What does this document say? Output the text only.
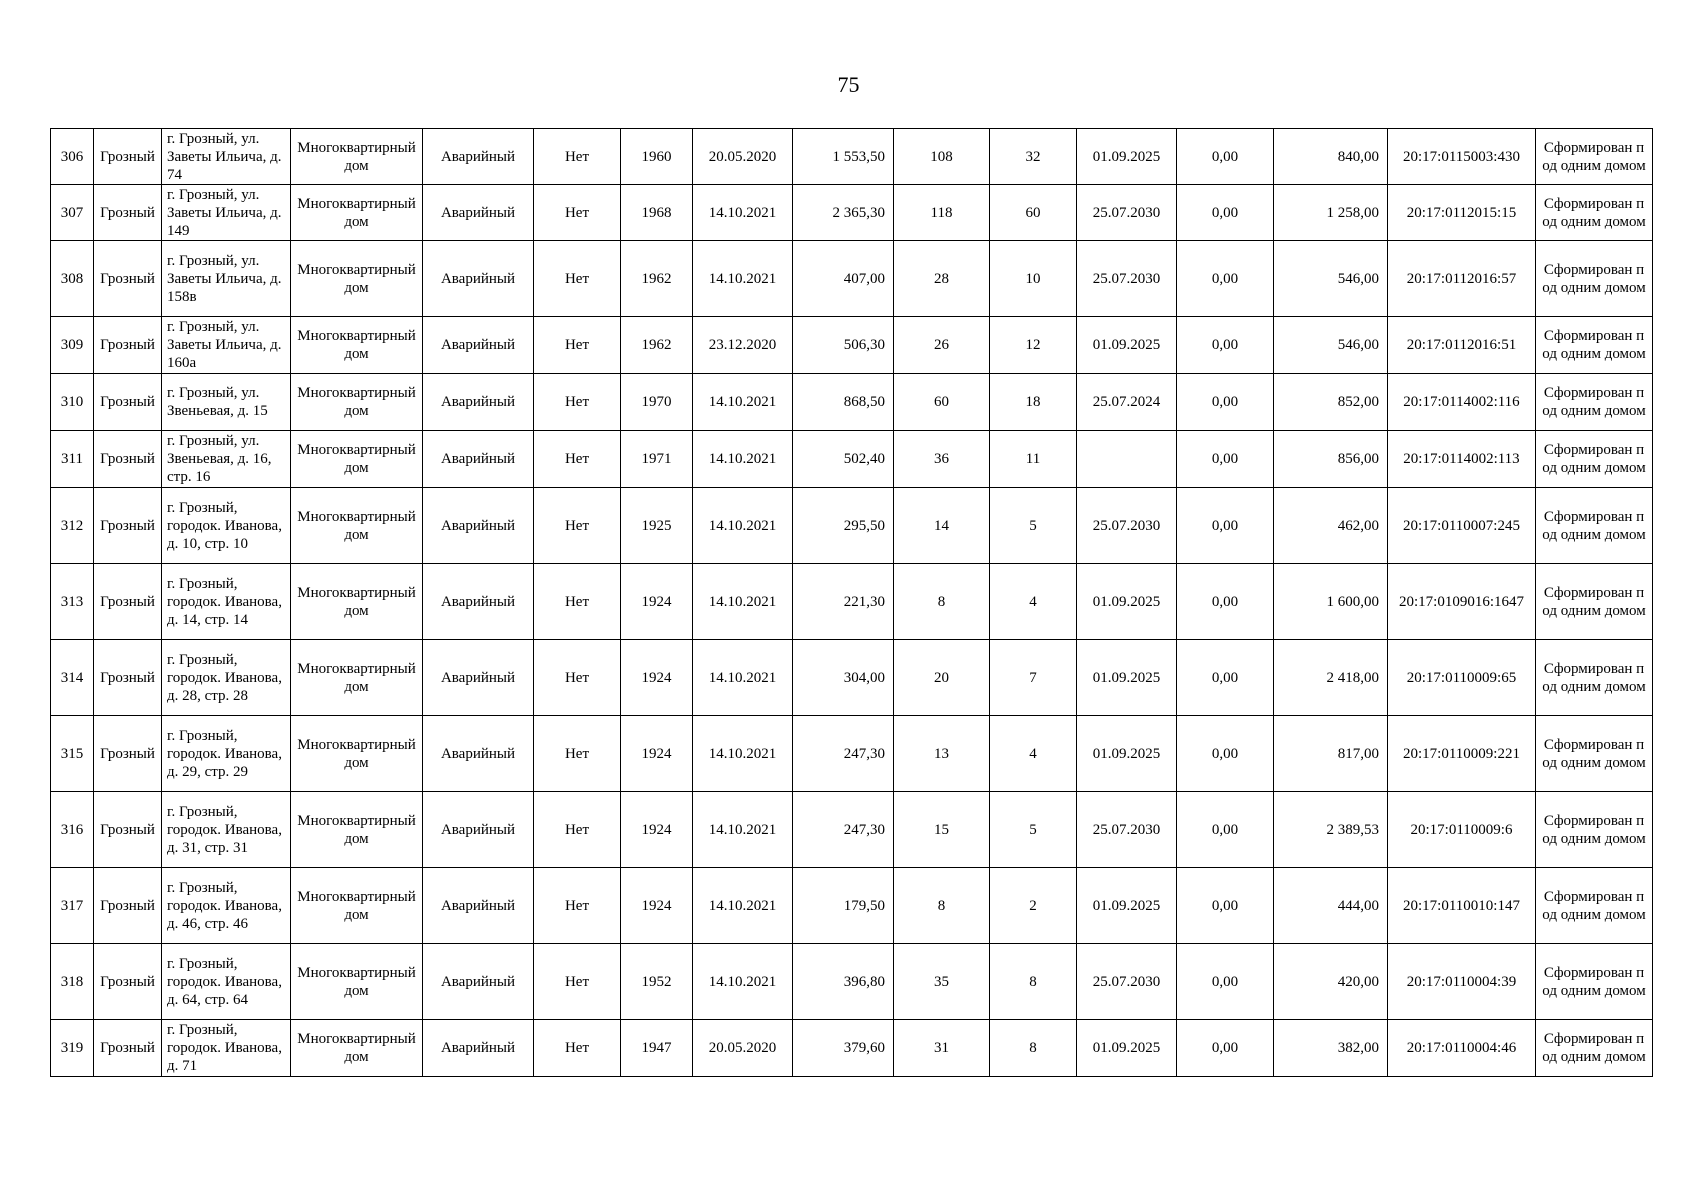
75
306	Грозный	г. Грозный, ул. Заветы Ильича, д. 74	Многоквартирный дом	Аварийный	Нет	1960	20.05.2020	1 553,50	108	32	01.09.2025	0,00	840,00	20:17:0115003:430	Сформирован под одним домом
307	Грозный	г. Грозный, ул. Заветы Ильича, д. 149	Многоквартирный дом	Аварийный	Нет	1968	14.10.2021	2 365,30	118	60	25.07.2030	0,00	1 258,00	20:17:0112015:15	Сформирован под одним домом
308	Грозный	г. Грозный, ул. Заветы Ильича, д. 158в	Многоквартирный дом	Аварийный	Нет	1962	14.10.2021	407,00	28	10	25.07.2030	0,00	546,00	20:17:0112016:57	Сформирован под одним домом
309	Грозный	г. Грозный, ул. Заветы Ильича, д. 160а	Многоквартирный дом	Аварийный	Нет	1962	23.12.2020	506,30	26	12	01.09.2025	0,00	546,00	20:17:0112016:51	Сформирован под одним домом
310	Грозный	г. Грозный, ул. Звеньевая, д. 15	Многоквартирный дом	Аварийный	Нет	1970	14.10.2021	868,50	60	18	25.07.2024	0,00	852,00	20:17:0114002:116	Сформирован под одним домом
311	Грозный	г. Грозный, ул. Звеньевая, д. 16, стр. 16	Многоквартирный дом	Аварийный	Нет	1971	14.10.2021	502,40	36	11		0,00	856,00	20:17:0114002:113	Сформирован под одним домом
312	Грозный	г. Грозный, городок. Иванова, д. 10, стр. 10	Многоквартирный дом	Аварийный	Нет	1925	14.10.2021	295,50	14	5	25.07.2030	0,00	462,00	20:17:0110007:245	Сформирован под одним домом
313	Грозный	г. Грозный, городок. Иванова, д. 14, стр. 14	Многоквартирный дом	Аварийный	Нет	1924	14.10.2021	221,30	8	4	01.09.2025	0,00	1 600,00	20:17:0109016:1647	Сформирован под одним домом
314	Грозный	г. Грозный, городок. Иванова, д. 28, стр. 28	Многоквартирный дом	Аварийный	Нет	1924	14.10.2021	304,00	20	7	01.09.2025	0,00	2 418,00	20:17:0110009:65	Сформирован под одним домом
315	Грозный	г. Грозный, городок. Иванова, д. 29, стр. 29	Многоквартирный дом	Аварийный	Нет	1924	14.10.2021	247,30	13	4	01.09.2025	0,00	817,00	20:17:0110009:221	Сформирован под одним домом
316	Грозный	г. Грозный, городок. Иванова, д. 31, стр. 31	Многоквартирный дом	Аварийный	Нет	1924	14.10.2021	247,30	15	5	25.07.2030	0,00	2 389,53	20:17:0110009:6	Сформирован под одним домом
317	Грозный	г. Грозный, городок. Иванова, д. 46, стр. 46	Многоквартирный дом	Аварийный	Нет	1924	14.10.2021	179,50	8	2	01.09.2025	0,00	444,00	20:17:0110010:147	Сформирован под одним домом
318	Грозный	г. Грозный, городок. Иванова, д. 64, стр. 64	Многоквартирный дом	Аварийный	Нет	1952	14.10.2021	396,80	35	8	25.07.2030	0,00	420,00	20:17:0110004:39	Сформирован под одним домом
319	Грозный	г. Грозный, городок. Иванова, д. 71	Многоквартирный дом	Аварийный	Нет	1947	20.05.2020	379,60	31	8	01.09.2025	0,00	382,00	20:17:0110004:46	Сформирован под одним домом
